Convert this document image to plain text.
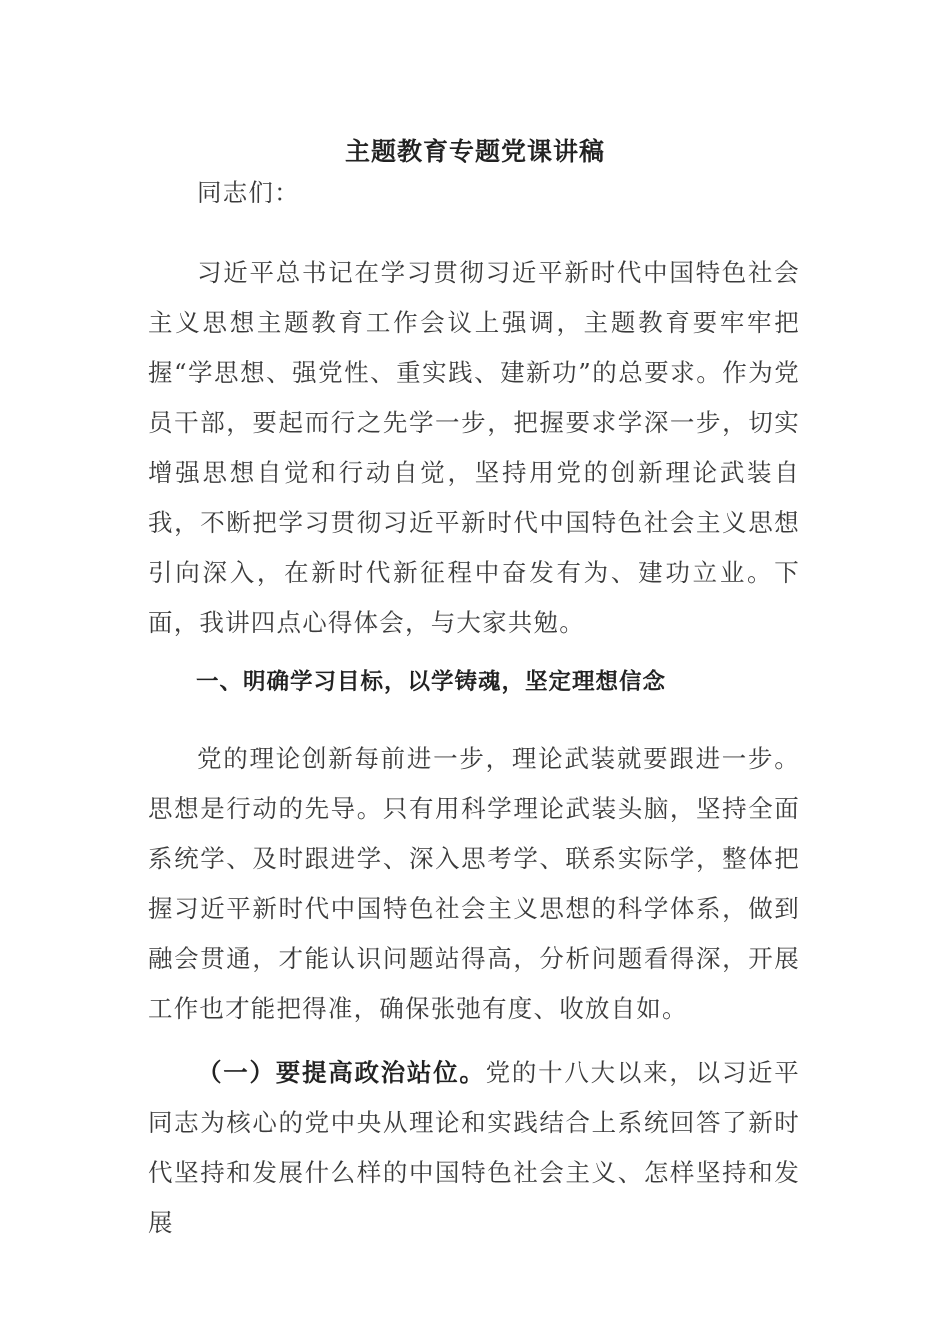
主题教育专题党课讲稿

同志们：

习近平总书记在学习贯彻习近平新时代中国特色社会主义思想主题教育工作会议上强调，主题教育要牢牢把握“学思想、强党性、重实践、建新功”的总要求。作为党员干部，要起而行之先学一步，把握要求学深一步，切实增强思想自觉和行动自觉，坚持用党的创新理论武装自我，不断把学习贯彻习近平新时代中国特色社会主义思想引向深入，在新时代新征程中奋发有为、建功立业。下面，我讲四点心得体会，与大家共勉。

一、明确学习目标，以学铸魂，坚定理想信念

党的理论创新每前进一步，理论武装就要跟进一步。思想是行动的先导。只有用科学理论武装头脑，坚持全面系统学、及时跟进学、深入思考学、联系实际学，整体把握习近平新时代中国特色社会主义思想的科学体系，做到融会贯通，才能认识问题站得高，分析问题看得深，开展工作也才能把得准，确保张弛有度、收放自如。

（一）要提高政治站位。党的十八大以来，以习近平同志为核心的党中央从理论和实践结合上系统回答了新时代坚持和发展什么样的中国特色社会主义、怎样坚持和发展
